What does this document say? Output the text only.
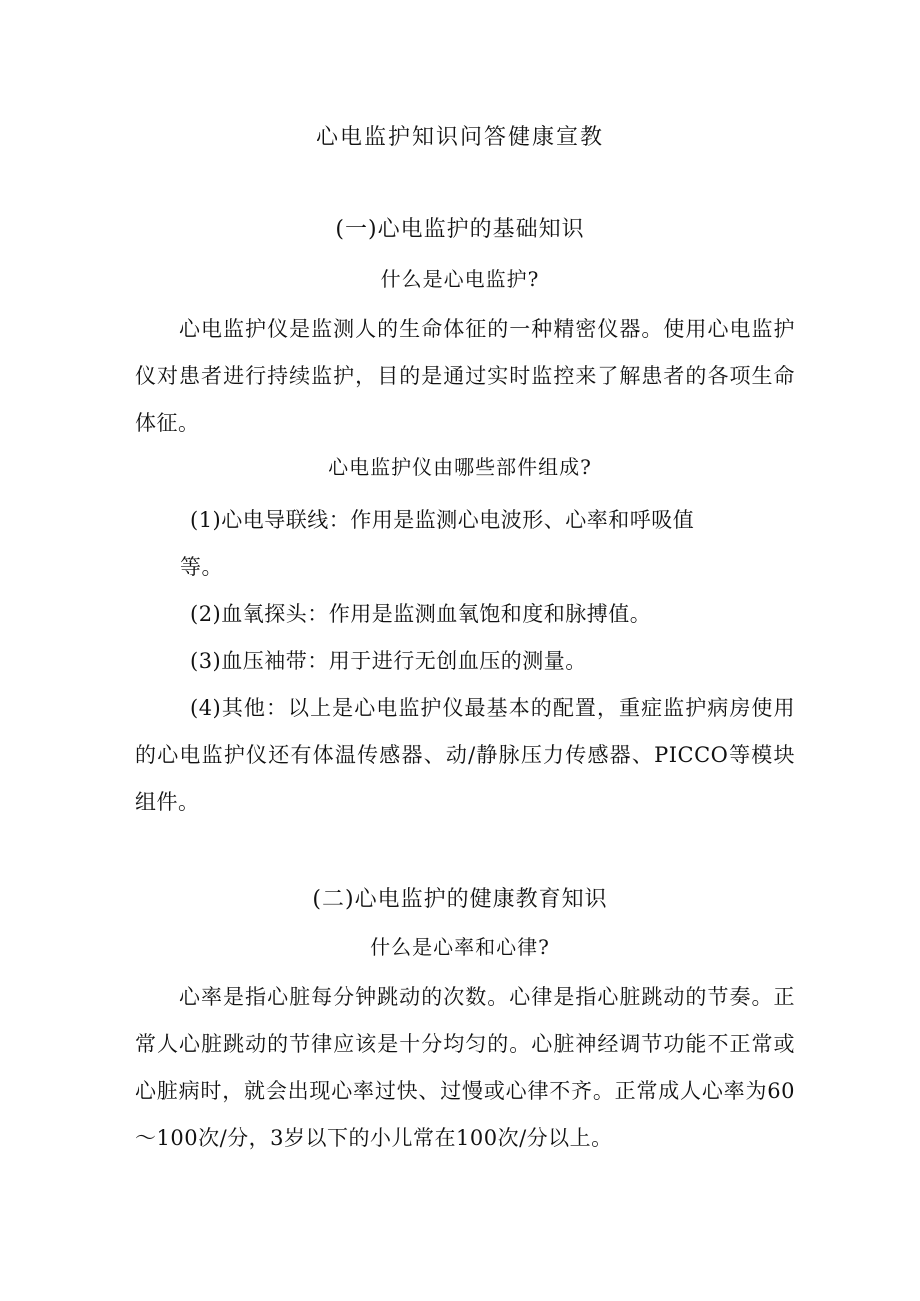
心电监护知识问答健康宣教
(一)心电监护的基础知识
什么是心电监护?
心电监护仪是监测人的生命体征的一种精密仪器。使用心电监护仪对患者进行持续监护，目的是通过实时监控来了解患者的各项生命体征。
心电监护仪由哪些部件组成?
(1)心电导联线：作用是监测心电波形、心率和呼吸值
等。
(2)血氧探头：作用是监测血氧饱和度和脉搏值。
(3)血压袖带：用于进行无创血压的测量。
(4)其他：以上是心电监护仪最基本的配置，重症监护病房使用的心电监护仪还有体温传感器、动/静脉压力传感器、PICCO等模块组件。
(二)心电监护的健康教育知识
什么是心率和心律?
心率是指心脏每分钟跳动的次数。心律是指心脏跳动的节奏。正常人心脏跳动的节律应该是十分均匀的。心脏神经调节功能不正常或心脏病时，就会出现心率过快、过慢或心律不齐。正常成人心率为60～100次/分，3岁以下的小儿常在100次/分以上。
